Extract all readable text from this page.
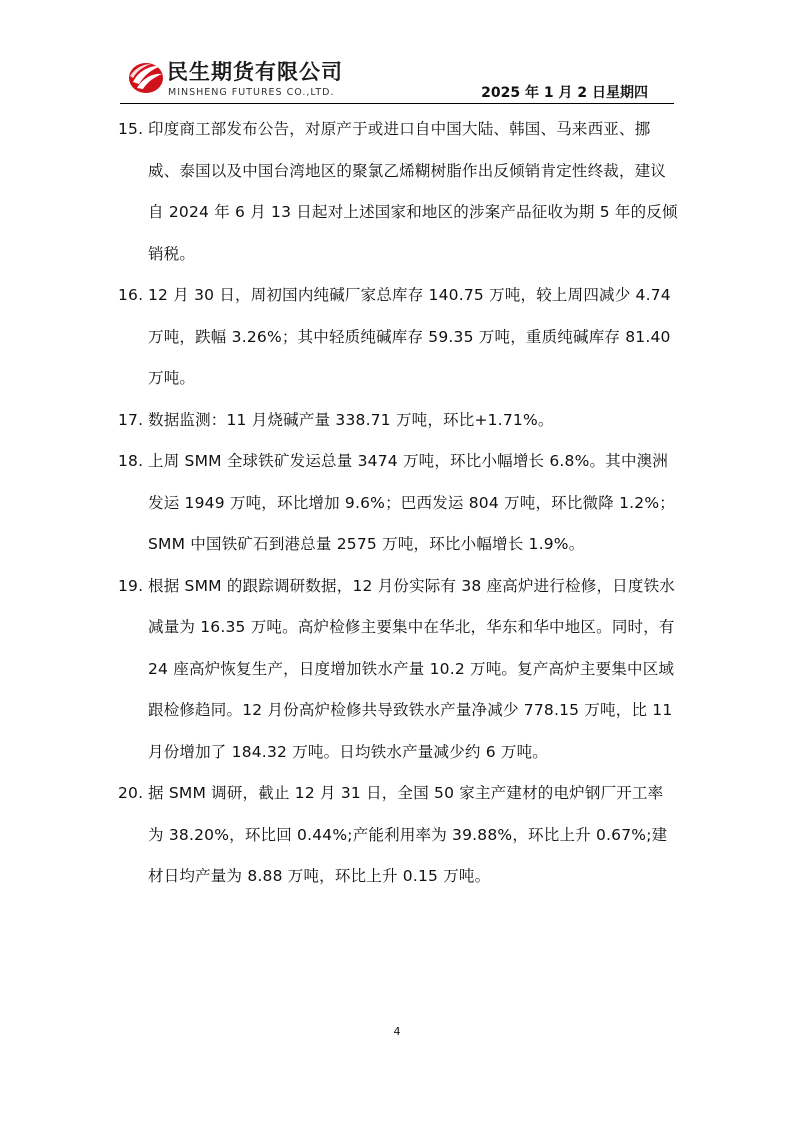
民生期货有限公司
MINSHENG FUTURES CO.,LTD.	2025 年 1 月 2 日星期四
15. 印度商工部发布公告，对原产于或进口自中国大陆、韩国、马来西亚、挪威、泰国以及中国台湾地区的聚氯乙烯糊树脂作出反倾销肯定性终裁，建议自 2024 年 6 月 13 日起对上述国家和地区的涉案产品征收为期 5 年的反倾销税。
16. 12 月 30 日，周初国内纯碱厂家总库存 140.75 万吨，较上周四减少 4.74 万吨，跌幅 3.26%；其中轻质纯碱库存 59.35 万吨，重质纯碱库存 81.40 万吨。
17. 数据监测：11 月烧碱产量 338.71 万吨，环比+1.71%。
18. 上周 SMM 全球铁矿发运总量 3474 万吨，环比小幅增长 6.8%。其中澳洲发运 1949 万吨，环比增加 9.6%；巴西发运 804 万吨，环比微降 1.2%；SMM 中国铁矿石到港总量 2575 万吨，环比小幅增长 1.9%。
19. 根据 SMM 的跟踪调研数据，12 月份实际有 38 座高炉进行检修，日度铁水减量为 16.35 万吨。高炉检修主要集中在华北，华东和华中地区。同时，有 24 座高炉恢复生产，日度增加铁水产量 10.2 万吨。复产高炉主要集中区域跟检修趋同。12 月份高炉检修共导致铁水产量净减少 778.15 万吨，比 11 月份增加了 184.32 万吨。日均铁水产量减少约 6 万吨。
20. 据 SMM 调研，截止 12 月 31 日，全国 50 家主产建材的电炉钢厂开工率为 38.20%，环比回 0.44%;产能利用率为 39.88%，环比上升 0.67%;建材日均产量为 8.88 万吨，环比上升 0.15 万吨。
4
